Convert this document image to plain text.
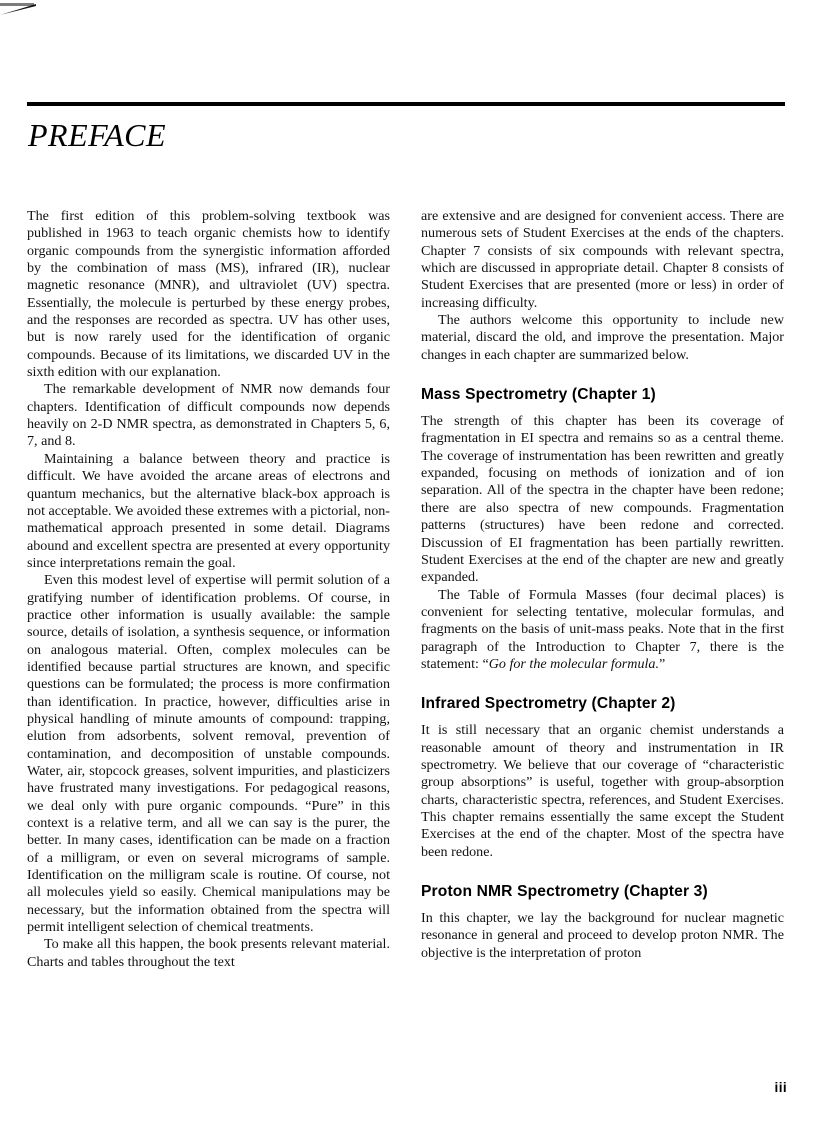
PREFACE

The first edition of this problem-solving textbook was published in 1963 to teach organic chemists how to identify organic compounds from the synergistic information afforded by the combination of mass (MS), infrared (IR), nuclear magnetic resonance (MNR), and ultraviolet (UV) spectra. Essentially, the molecule is perturbed by these energy probes, and the responses are recorded as spectra. UV has other uses, but is now rarely used for the identification of organic compounds. Because of its limitations, we discarded UV in the sixth edition with our explanation.

The remarkable development of NMR now demands four chapters. Identification of difficult compounds now depends heavily on 2-D NMR spectra, as demonstrated in Chapters 5, 6, 7, and 8.

Maintaining a balance between theory and practice is difficult. We have avoided the arcane areas of electrons and quantum mechanics, but the alternative black-box approach is not acceptable. We avoided these extremes with a pictorial, non-mathematical approach presented in some detail. Diagrams abound and excellent spectra are presented at every opportunity since interpretations remain the goal.

Even this modest level of expertise will permit solution of a gratifying number of identification problems. Of course, in practice other information is usually available: the sample source, details of isolation, a synthesis sequence, or information on analogous material. Often, complex molecules can be identified because partial structures are known, and specific questions can be formulated; the process is more confirmation than identification. In practice, however, difficulties arise in physical handling of minute amounts of compound: trapping, elution from adsorbents, solvent removal, prevention of contamination, and decomposition of unstable compounds. Water, air, stopcock greases, solvent impurities, and plasticizers have frustrated many investigations. For pedagogical reasons, we deal only with pure organic compounds. “Pure” in this context is a relative term, and all we can say is the purer, the better. In many cases, identification can be made on a fraction of a milligram, or even on several micrograms of sample. Identification on the milligram scale is routine. Of course, not all molecules yield so easily. Chemical manipulations may be necessary, but the information obtained from the spectra will permit intelligent selection of chemical treatments.

To make all this happen, the book presents relevant material. Charts and tables throughout the text

are extensive and are designed for convenient access. There are numerous sets of Student Exercises at the ends of the chapters. Chapter 7 consists of six compounds with relevant spectra, which are discussed in appropriate detail. Chapter 8 consists of Student Exercises that are presented (more or less) in order of increasing difficulty.

The authors welcome this opportunity to include new material, discard the old, and improve the presentation. Major changes in each chapter are summarized below.

Mass Spectrometry (Chapter 1)

The strength of this chapter has been its coverage of fragmentation in EI spectra and remains so as a central theme. The coverage of instrumentation has been rewritten and greatly expanded, focusing on methods of ionization and of ion separation. All of the spectra in the chapter have been redone; there are also spectra of new compounds. Fragmentation patterns (structures) have been redone and corrected. Discussion of EI fragmentation has been partially rewritten. Student Exercises at the end of the chapter are new and greatly expanded.

The Table of Formula Masses (four decimal places) is convenient for selecting tentative, molecular formulas, and fragments on the basis of unit-mass peaks. Note that in the first paragraph of the Introduction to Chapter 7, there is the statement: “Go for the molecular formula.”

Infrared Spectrometry (Chapter 2)

It is still necessary that an organic chemist understands a reasonable amount of theory and instrumentation in IR spectrometry. We believe that our coverage of “characteristic group absorptions” is useful, together with group-absorption charts, characteristic spectra, references, and Student Exercises. This chapter remains essentially the same except the Student Exercises at the end of the chapter. Most of the spectra have been redone.

Proton NMR Spectrometry (Chapter 3)

In this chapter, we lay the background for nuclear magnetic resonance in general and proceed to develop proton NMR. The objective is the interpretation of proton

iii
